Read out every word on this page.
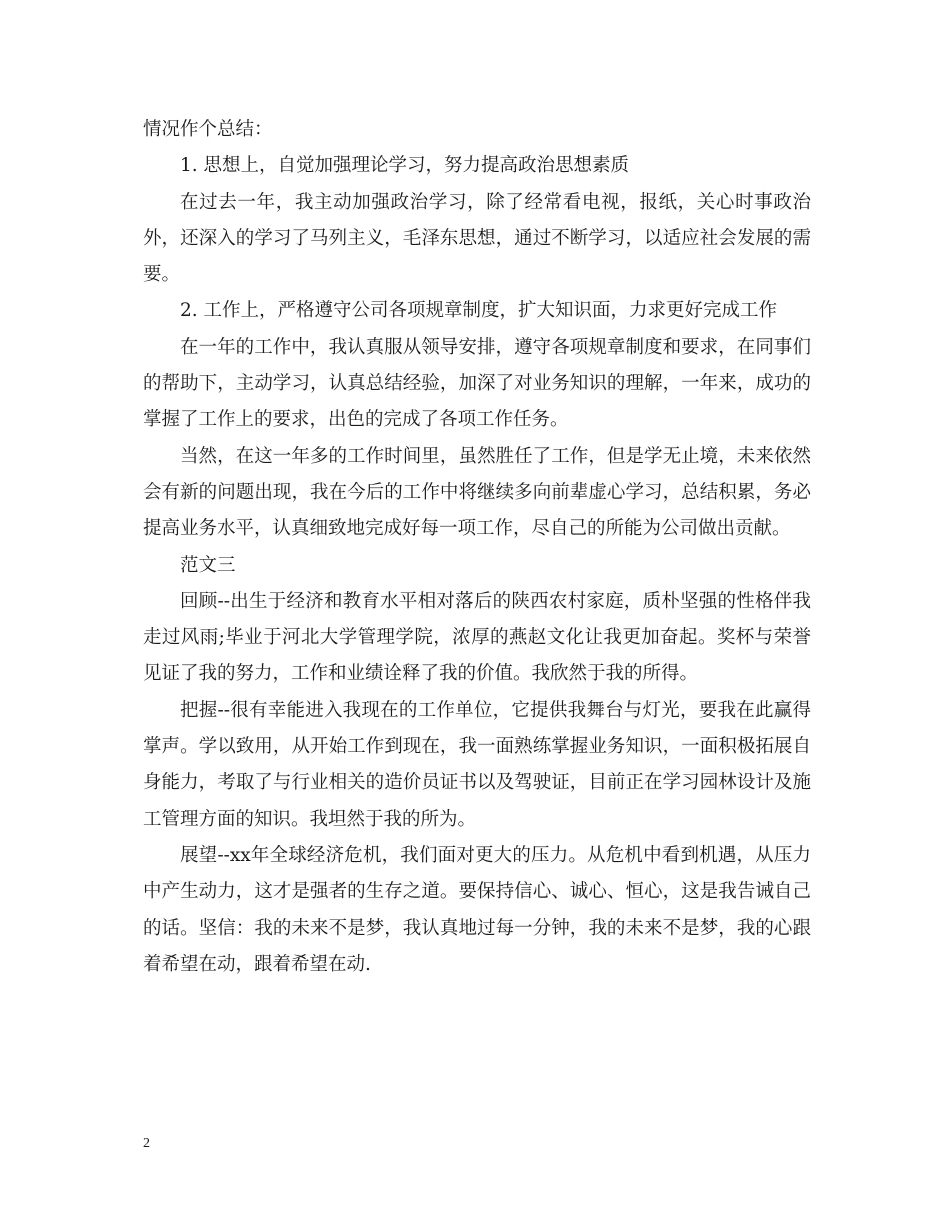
情况作个总结：

1. 思想上，自觉加强理论学习，努力提高政治思想素质

在过去一年，我主动加强政治学习，除了经常看电视，报纸，关心时事政治外，还深入的学习了马列主义，毛泽东思想，通过不断学习，以适应社会发展的需要。

2. 工作上，严格遵守公司各项规章制度，扩大知识面，力求更好完成工作

在一年的工作中，我认真服从领导安排，遵守各项规章制度和要求，在同事们的帮助下，主动学习，认真总结经验，加深了对业务知识的理解，一年来，成功的掌握了工作上的要求，出色的完成了各项工作任务。

当然，在这一年多的工作时间里，虽然胜任了工作，但是学无止境，未来依然会有新的问题出现，我在今后的工作中将继续多向前辈虚心学习，总结积累，务必提高业务水平，认真细致地完成好每一项工作，尽自己的所能为公司做出贡献。

范文三

回顾--出生于经济和教育水平相对落后的陕西农村家庭，质朴坚强的性格伴我走过风雨;毕业于河北大学管理学院，浓厚的燕赵文化让我更加奋起。奖杯与荣誉见证了我的努力，工作和业绩诠释了我的价值。我欣然于我的所得。

把握--很有幸能进入我现在的工作单位，它提供我舞台与灯光，要我在此赢得掌声。学以致用，从开始工作到现在，我一面熟练掌握业务知识，一面积极拓展自身能力，考取了与行业相关的造价员证书以及驾驶证，目前正在学习园林设计及施工管理方面的知识。我坦然于我的所为。

展望--xx年全球经济危机，我们面对更大的压力。从危机中看到机遇，从压力中产生动力，这才是强者的生存之道。要保持信心、诚心、恒心，这是我告诫自己的话。坚信：我的未来不是梦，我认真地过每一分钟，我的未来不是梦，我的心跟着希望在动，跟着希望在动.

2
